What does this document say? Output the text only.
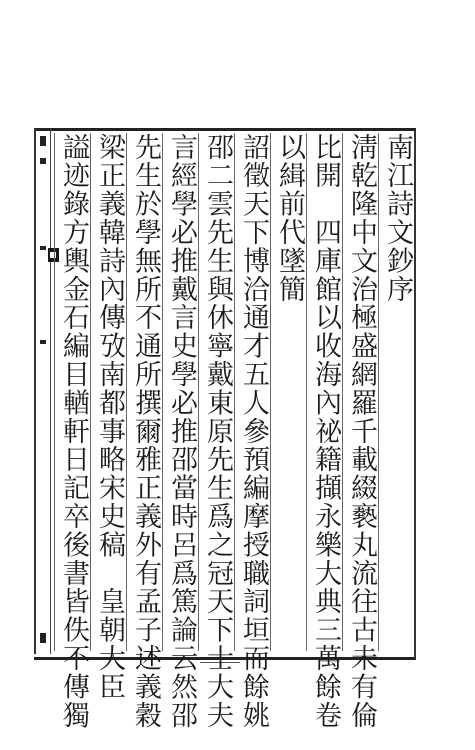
南江詩文鈔序
淸乾隆中文治極盛網羅千載綴褻丸流往古未有倫
比開　四庫館以收海內祕籍擷永樂大典三萬餘卷
以緝前代墜簡
詔徵天下博洽通才五人參預編摩授職詞垣而餘姚
邵二雲先生與休寧戴東原先生爲之冠天下士大夫
言經學必推戴言史學必推邵當時呂爲篤論云然邵
先生於學無所不通所撰爾雅正義外有孟子述義穀
梁正義韓詩內傳攷南都事略宋史稿　皇朝大臣
謚迹錄方輿金石編目輶軒日記卒後書皆佚不傳獨
